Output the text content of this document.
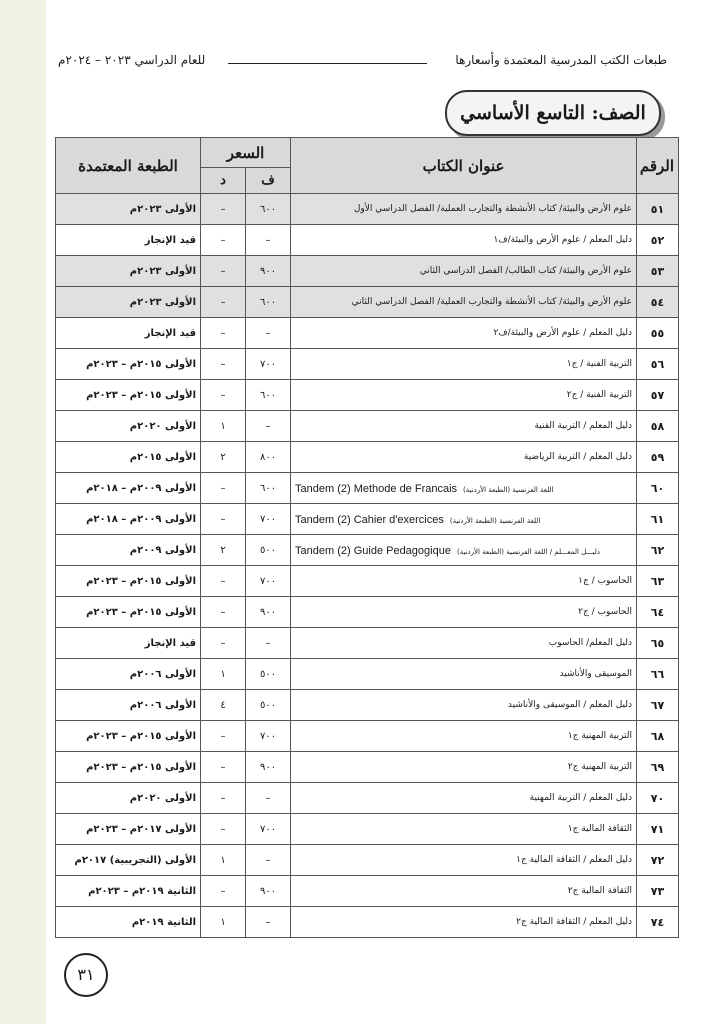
طبعات الكتب المدرسية المعتمدة وأسعارها
للعام الدراسي ٢٠٢٣ – ٢٠٢٤م
الصف: التاسع الأساسي
الرقم	عنوان الكتاب	السعر		الطبعة المعتمدة
		ف	د	
٥١	علوم الأرض والبيئة/ كتاب الأنشطة والتجارب العملية/ الفصل الدراسي الأول	٦٠٠	–	الأولى ٢٠٢٣م
٥٢	دليل المعلم / علوم الأرض والبيئة/ف١	–	–	قيد الإنجاز
٥٣	علوم الأرض والبيئة/ كتاب الطالب/ الفصل الدراسي الثاني	٩٠٠	–	الأولى ٢٠٢٣م
٥٤	علوم الأرض والبيئة/ كتاب الأنشطة والتجارب العملية/ الفصل الدراسي الثاني	٦٠٠	–	الأولى ٢٠٢٣م
٥٥	دليل المعلم / علوم الأرض والبيئة/ف٢	–	–	قيد الإنجاز
٥٦	التربية الفنية / ج١	٧٠٠	–	الأولى ٢٠١٥م – ٢٠٢٣م
٥٧	التربية الفنية / ج٢	٦٠٠	–	الأولى ٢٠١٥م – ٢٠٢٣م
٥٨	دليل المعلم / التربية الفنية	–	١	الأولى ٢٠٢٠م
٥٩	دليل المعلم / التربية الرياضية	٨٠٠	٢	الأولى ٢٠١٥م
٦٠	Tandem (2) Methode de Francais اللغة الفرنسية (الطبعة الأردنية)	٦٠٠	–	الأولى ٢٠٠٩م – ٢٠١٨م
٦١	Tandem (2) Cahier d'exercices اللغة الفرنسية (الطبعة الأردنية)	٧٠٠	–	الأولى ٢٠٠٩م – ٢٠١٨م
٦٢	Tandem (2) Guide Pedagogique دليـــل المعـــلم / اللغة الفرنسية (الطبعة الأردنية)	٥٠٠	٢	الأولى ٢٠٠٩م
٦٣	الحاسوب / ج١	٧٠٠	–	الأولى ٢٠١٥م – ٢٠٢٣م
٦٤	الحاسوب / ج٢	٩٠٠	–	الأولى ٢٠١٥م – ٢٠٢٣م
٦٥	دليل المعلم/ الحاسوب	–	–	قيد الإنجاز
٦٦	الموسيقى والأناشيد	٥٠٠	١	الأولى ٢٠٠٦م
٦٧	دليل المعلم / الموسيقى والأناشيد	٥٠٠	٤	الأولى ٢٠٠٦م
٦٨	التربية المهنية ج١	٧٠٠	–	الأولى ٢٠١٥م – ٢٠٢٣م
٦٩	التربية المهنية ج٢	٩٠٠	–	الأولى ٢٠١٥م – ٢٠٢٣م
٧٠	دليل المعلم / التربية المهنية	–	–	الأولى ٢٠٢٠م
٧١	الثقافة المالية ج١	٧٠٠	–	الأولى ٢٠١٧م – ٢٠٢٣م
٧٢	دليل المعلم / الثقافة المالية ج١	–	١	الأولى (التجريبية) ٢٠١٧م
٧٣	الثقافة المالية ج٢	٩٠٠	–	الثانية ٢٠١٩م – ٢٠٢٣م
٧٤	دليل المعلم / الثقافة المالية ج٢	–	١	الثانية ٢٠١٩م
٣١
